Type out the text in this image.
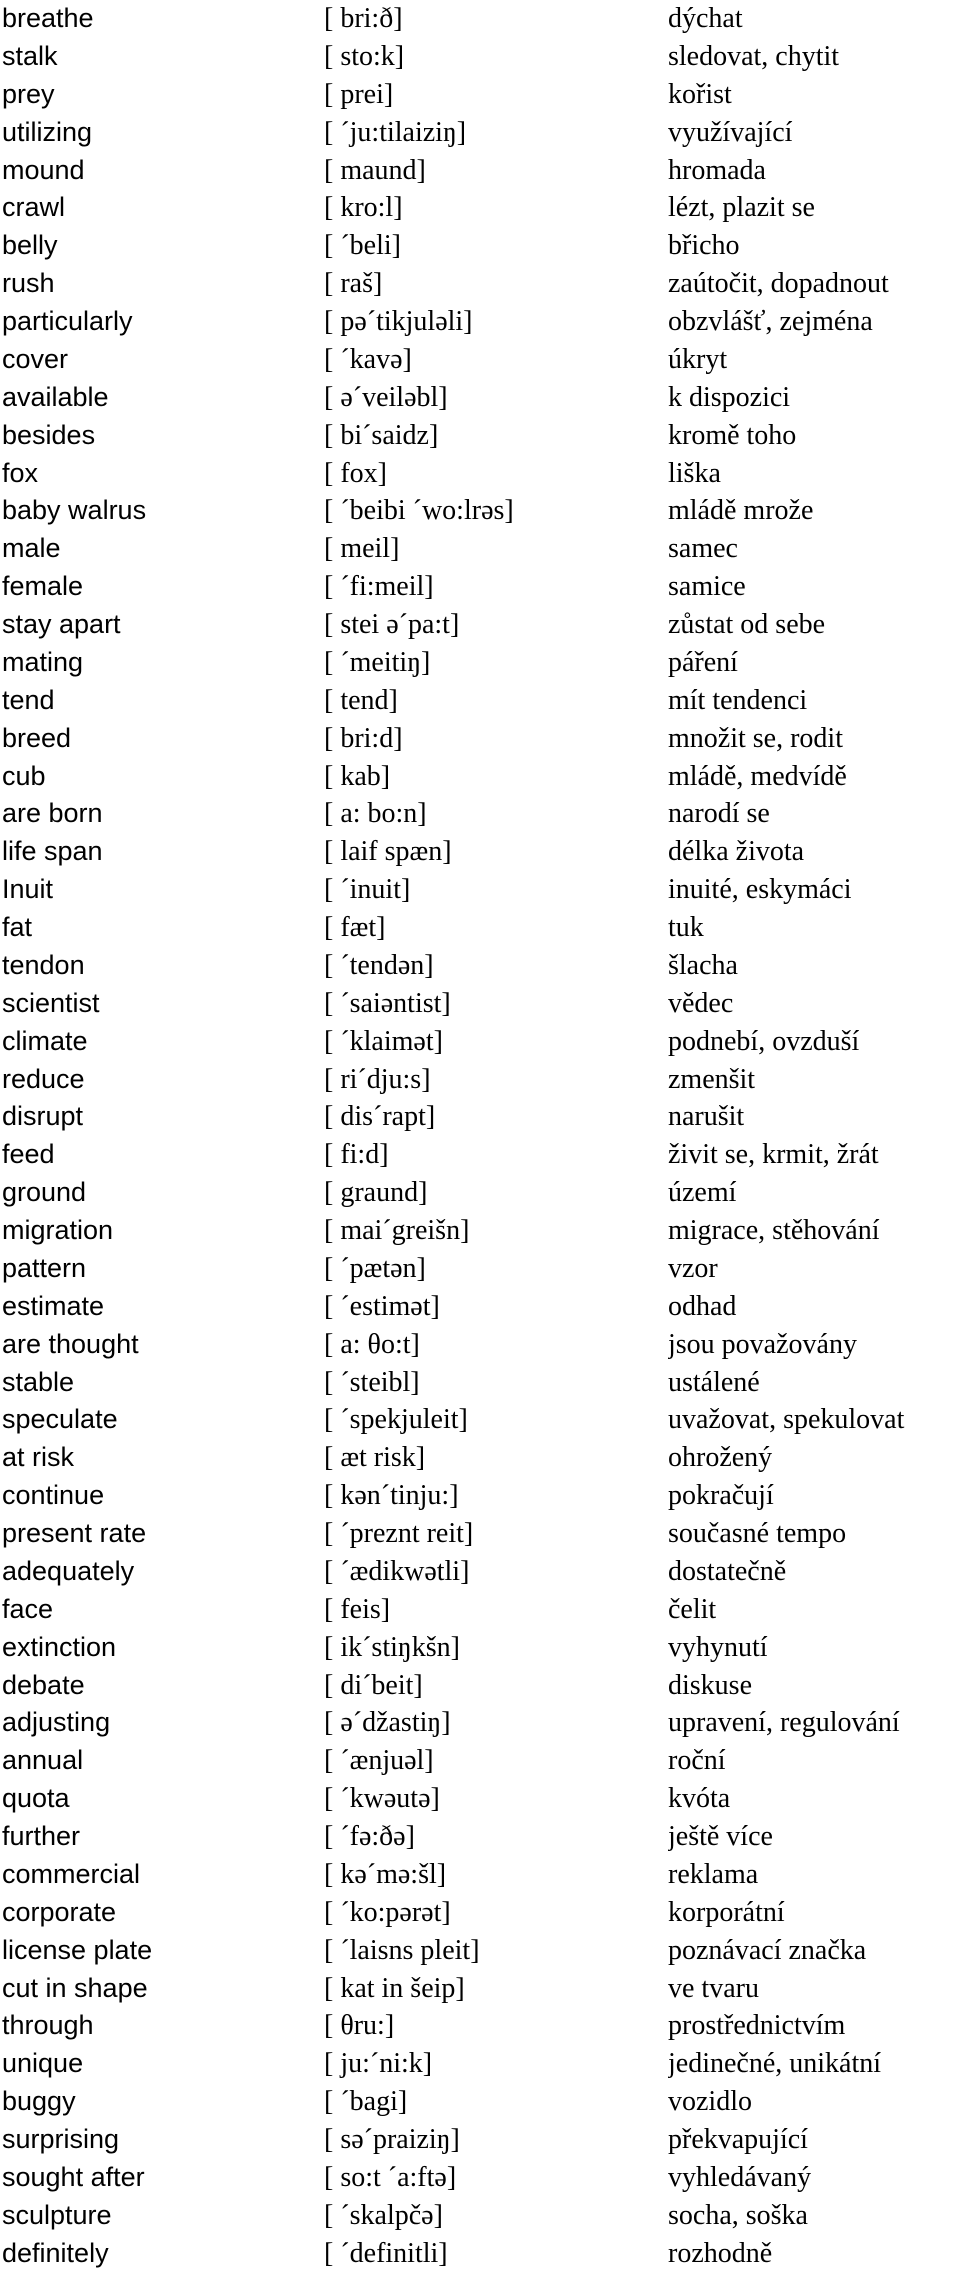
breathe	[ bri:ð]	dýchat
stalk	[ sto:k]	sledovat, chytit
prey	[ prei]	kořist
utilizing	[ ˊju:tilaiziŋ]	využívající
mound	[ maund]	hromada
crawl	[ kro:l]	lézt, plazit se
belly	[ ˊbeli]	břicho
rush	[ raš]	zaútočit, dopadnout
particularly	[ pəˊtikjuləli]	obzvlášť, zejména
cover	[ ˊkavə]	úkryt
available	[ əˊveiləbl]	k dispozici
besides	[ biˊsaidz]	kromě toho
fox	[ fox]	liška
baby walrus	[ ˊbeibi ˊwo:lrəs]	mládě mrože
male	[ meil]	samec
female	[ ˊfi:meil]	samice
stay apart	[ stei əˊpa:t]	zůstat od sebe
mating	[ ˊmeitiŋ]	páření
tend	[ tend]	mít tendenci
breed	[ bri:d]	množit se, rodit
cub	[ kab]	mládě, medvídě
are born	[ a: bo:n]	narodí se
life span	[ laif spæn]	délka života
Inuit	[ ˊinuit]	inuité, eskymáci
fat	[ fæt]	tuk
tendon	[ ˊtendən]	šlacha
scientist	[ ˊsaiəntist]	vědec
climate	[ ˊklaimət]	podnebí, ovzduší
reduce	[ riˊdju:s]	zmenšit
disrupt	[ disˊrapt]	narušit
feed	[ fi:d]	živit se, krmit, žrát
ground	[ graund]	území
migration	[ maiˊgreišn]	migrace, stěhování
pattern	[ ˊpætən]	vzor
estimate	[ ˊestimət]	odhad
are thought	[ a: θo:t]	jsou považovány
stable	[ ˊsteibl]	ustálené
speculate	[ ˊspekjuleit]	uvažovat, spekulovat
at risk	[ æt risk]	ohrožený
continue	[ kənˊtinju:]	pokračují
present rate	[ ˊpreznt reit]	současné tempo
adequately	[ ˊædikwətli]	dostatečně
face	[ feis]	čelit
extinction	[ ikˊstiŋkšn]	vyhynutí
debate	[ diˊbeit]	diskuse
adjusting	[ əˊdžastiŋ]	upravení, regulování
annual	[ ˊænjuəl]	roční
quota	[ ˊkwəutə]	kvóta
further	[ ˊfə:ðə]	ještě více
commercial	[ kəˊmə:šl]	reklama
corporate	[ ˊko:pərət]	korporátní
license plate	[ ˊlaisns pleit]	poznávací značka
cut in shape	[ kat in šeip]	ve tvaru
through	[ θru:]	prostřednictvím
unique	[ ju:ˊni:k]	jedinečné, unikátní
buggy	[ ˊbagi]	vozidlo
surprising	[ səˊpraiziŋ]	překvapující
sought after	[ so:t ˊa:ftə]	vyhledávaný
sculpture	[ ˊskalpčə]	socha, soška
definitely	[ ˊdefinitli]	rozhodně
